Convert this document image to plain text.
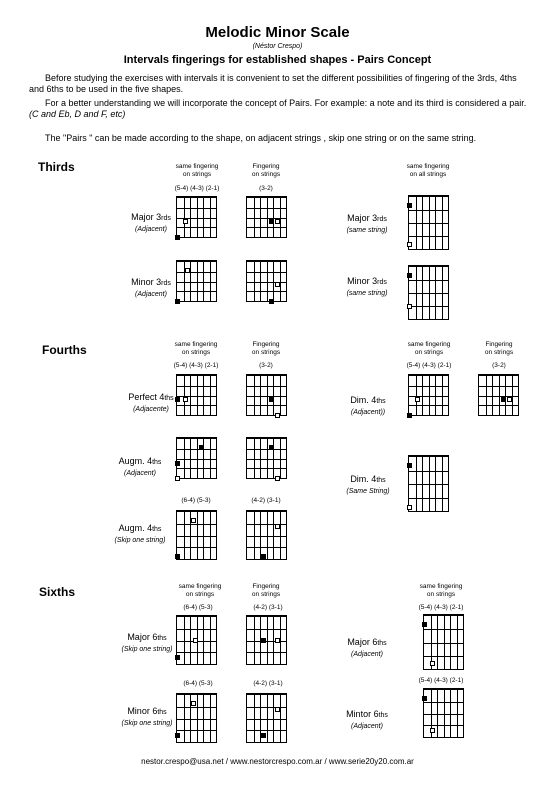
Melodic Minor Scale
(Néstor Crespo)
Intervals fingerings for established shapes - Pairs Concept
Before studying the exercises with intervals it is convenient to set the different possibilities of fingering of the 3rds, 4ths and 6ths to be used in the five shapes.
For a better understanding we will incorporate the concept of Pairs. For example: a note and its third is considered a pair. (C and Eb, D and F, etc)
The "Pairs " can be made according to the shape, on adjacent strings , skip one string or on the same string.
Thirds
Fourths
Sixths
same fingering
on strings
Fingering
on strings
same fingering
on all strings
same fingering
on strings
Fingering
on strings
same fingering
on strings
Fingering
on strings
same fingering
on strings
Fingering
on strings
same fingering
on strings
(5-4) (4-3) (2-1)	(3-2)
(5-4) (4-3) (2-1)	(3-2)	(5-4) (4-3) (2-1)	(3-2)
(6-4) (5-3)	(4-2) (3-1)
(6-4) (5-3)	(4-2) (3-1)	(5-4) (4-3) (2-1)
(6-4) (5-3)	(4-2) (3-1)	(5-4) (4-3) (2-1)
Major 3rds
(Adjacent)
Minor 3rds
(Adjacent)
Major 3rds
(same string)
Minor 3rds
(same string)
Perfect 4ths
(Adjacente)
Augm. 4ths
(Adjacent)
Augm. 4ths
(Skip one string)
Dim. 4ths
(Adjacent))
Dim. 4ths
(Same String)
Major 6ths
(Skip one string)
Minor 6ths
(Skip one string)
Major 6ths
(Adjacent)
Mintor 6ths
(Adjacent)
nestor.crespo@usa.net / www.nestorcrespo.com.ar / www.serie20y20.com.ar
